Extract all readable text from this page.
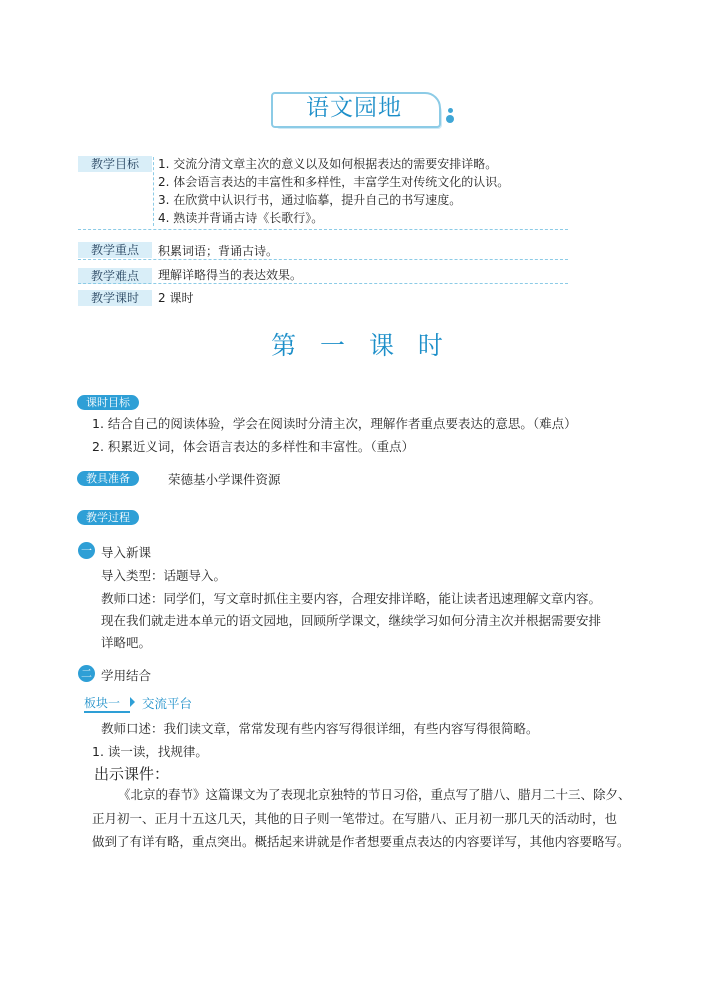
语文园地
教学目标	1. 交流分清文章主次的意义以及如何根据表达的需要安排详略。
2. 体会语言表达的丰富性和多样性，丰富学生对传统文化的认识。
3. 在欣赏中认识行书，通过临摹，提升自己的书写速度。
4. 熟读并背诵古诗《长歌行》。
教学重点	积累词语；背诵古诗。
教学难点	理解详略得当的表达效果。
教学课时	2 课时
第 一 课 时
课时目标
1. 结合自己的阅读体验，学会在阅读时分清主次，理解作者重点要表达的意思。（难点）
2. 积累近义词，体会语言表达的多样性和丰富性。（重点）
教具准备	荣德基小学课件资源
教学过程
一 导入新课
导入类型：话题导入。
教师口述：同学们，写文章时抓住主要内容，合理安排详略，能让读者迅速理解文章内容。
现在我们就走进本单元的语文园地，回顾所学课文，继续学习如何分清主次并根据需要安排
详略吧。
二 学用结合
板块一	交流平台
教师口述：我们读文章，常常发现有些内容写得很详细，有些内容写得很简略。
1. 读一读，找规律。
出示课件：
《北京的春节》这篇课文为了表现北京独特的节日习俗，重点写了腊八、腊月二十三、除夕、
正月初一、正月十五这几天，其他的日子则一笔带过。在写腊八、正月初一那几天的活动时，也
做到了有详有略，重点突出。概括起来讲就是作者想要重点表达的内容要详写，其他内容要略写。
